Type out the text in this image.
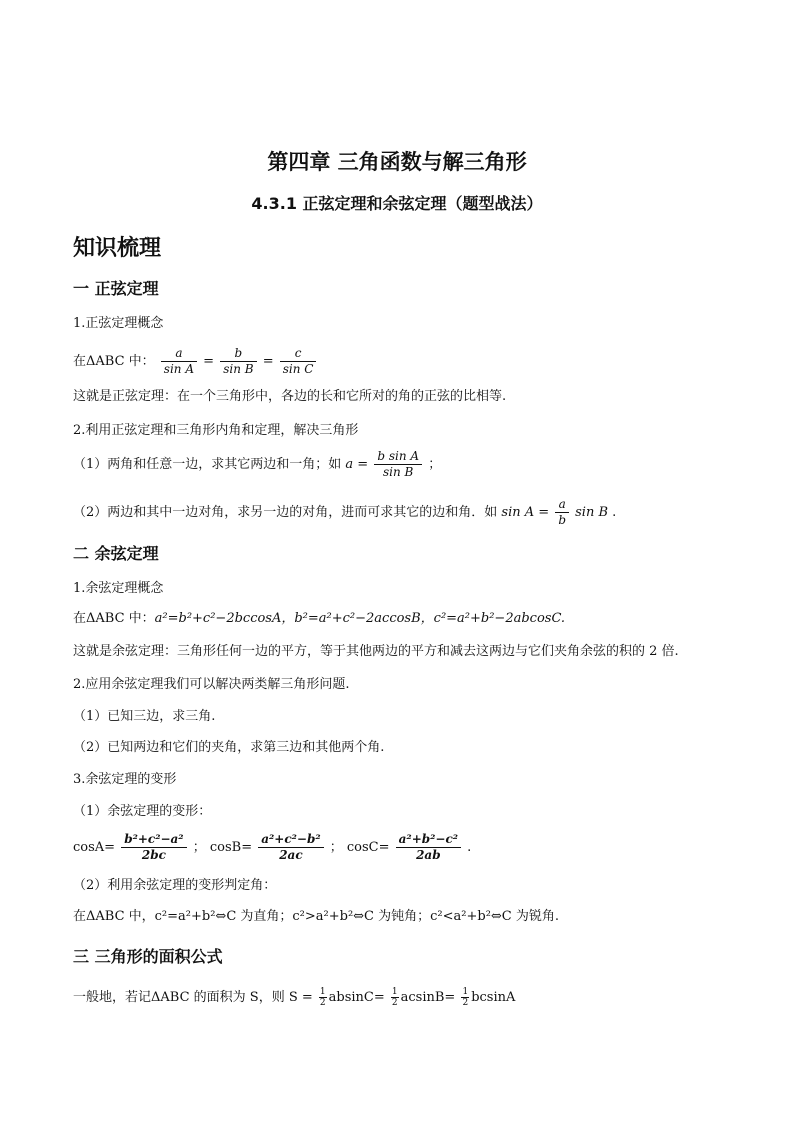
第四章 三角函数与解三角形
4.3.1 正弦定理和余弦定理（题型战法）
知识梳理
一 正弦定理
1.正弦定理概念
在ΔABC 中： $\frac{a}{\text{sin A}} = \frac{b}{\text{sin B}} = \frac{c}{\text{sin C}}$
这就是正弦定理：在一个三角形中，各边的长和它所对的角的正弦的比相等.
2.利用正弦定理和三角形内角和定理，解决三角形
（1）两角和任意一边，求其它两边和一角；如 $a = \frac{\text{b sin A}}{\text{sin B}}$ ；
（2）两边和其中一边对角，求另一边的对角，进而可求其它的边和角．如 $\sin A = \frac{a}{b}$ sin B .
二 余弦定理
1.余弦定理概念
在ΔABC 中：a²=b²+c²−2bccosA，b²=a²+c²−2accosB，c²=a²+b²−2abcosC.
这就是余弦定理：三角形任何一边的平方，等于其他两边的平方和减去这两边与它们夹角余弦的积的 2 倍.
2.应用余弦定理我们可以解决两类解三角形问题.
（1）已知三边，求三角.
（2）已知两边和它们的夹角，求第三边和其他两个角.
3.余弦定理的变形
（1）余弦定理的变形：
$\cos A= \frac{\text{b²+c²−a²}}{2bc}$ ； $\cos B= \frac{\text{a²+c²−b²}}{2ac}$ ； $\cos C= \frac{\text{a²+b²−c²}}{2ab}$ .
（2）利用余弦定理的变形判定角：
在ΔABC 中，c²=a²+b²⇔C 为直角；c²>a²+b²⇔C 为钝角；c²<a²+b²⇔C 为锐角.
三 三角形的面积公式
一般地，若记ΔABC 的面积为 S，则 $S = \frac{1}{2} absinC= \frac{1}{2} acsinB= \frac{1}{2}$ bcsinA
